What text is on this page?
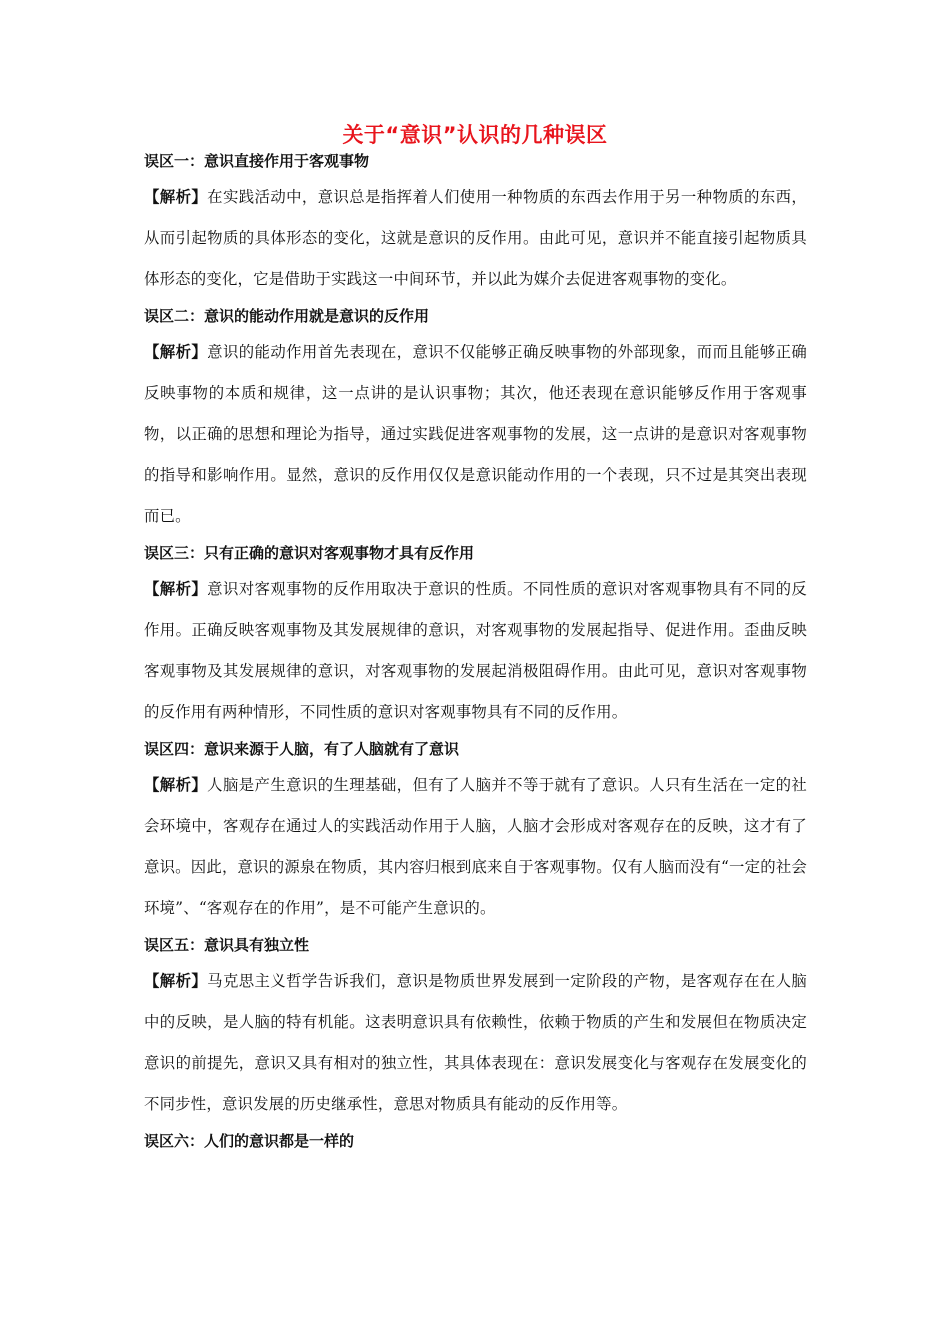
关于“意识”认识的几种误区
误区一：意识直接作用于客观事物
【解析】在实践活动中，意识总是指挥着人们使用一种物质的东西去作用于另一种物质的东西，从而引起物质的具体形态的变化，这就是意识的反作用。由此可见，意识并不能直接引起物质具体形态的变化，它是借助于实践这一中间环节，并以此为媒介去促进客观事物的变化。
误区二：意识的能动作用就是意识的反作用
【解析】意识的能动作用首先表现在，意识不仅能够正确反映事物的外部现象，而而且能够正确反映事物的本质和规律，这一点讲的是认识事物；其次，他还表现在意识能够反作用于客观事物，以正确的思想和理论为指导，通过实践促进客观事物的发展，这一点讲的是意识对客观事物的指导和影响作用。显然，意识的反作用仅仅是意识能动作用的一个表现，只不过是其突出表现而已。
误区三：只有正确的意识对客观事物才具有反作用
【解析】意识对客观事物的反作用取决于意识的性质。不同性质的意识对客观事物具有不同的反作用。正确反映客观事物及其发展规律的意识，对客观事物的发展起指导、促进作用。歪曲反映客观事物及其发展规律的意识，对客观事物的发展起消极阻碍作用。由此可见，意识对客观事物的反作用有两种情形，不同性质的意识对客观事物具有不同的反作用。
误区四：意识来源于人脑，有了人脑就有了意识
【解析】人脑是产生意识的生理基础，但有了人脑并不等于就有了意识。人只有生活在一定的社会环境中，客观存在通过人的实践活动作用于人脑，人脑才会形成对客观存在的反映，这才有了意识。因此，意识的源泉在物质，其内容归根到底来自于客观事物。仅有人脑而没有“一定的社会环境”、“客观存在的作用”，是不可能产生意识的。
误区五：意识具有独立性
【解析】马克思主义哲学告诉我们，意识是物质世界发展到一定阶段的产物，是客观存在在人脑中的反映，是人脑的特有机能。这表明意识具有依赖性，依赖于物质的产生和发展但在物质决定意识的前提先，意识又具有相对的独立性，其具体表现在：意识发展变化与客观存在发展变化的不同步性，意识发展的历史继承性，意思对物质具有能动的反作用等。
误区六：人们的意识都是一样的
